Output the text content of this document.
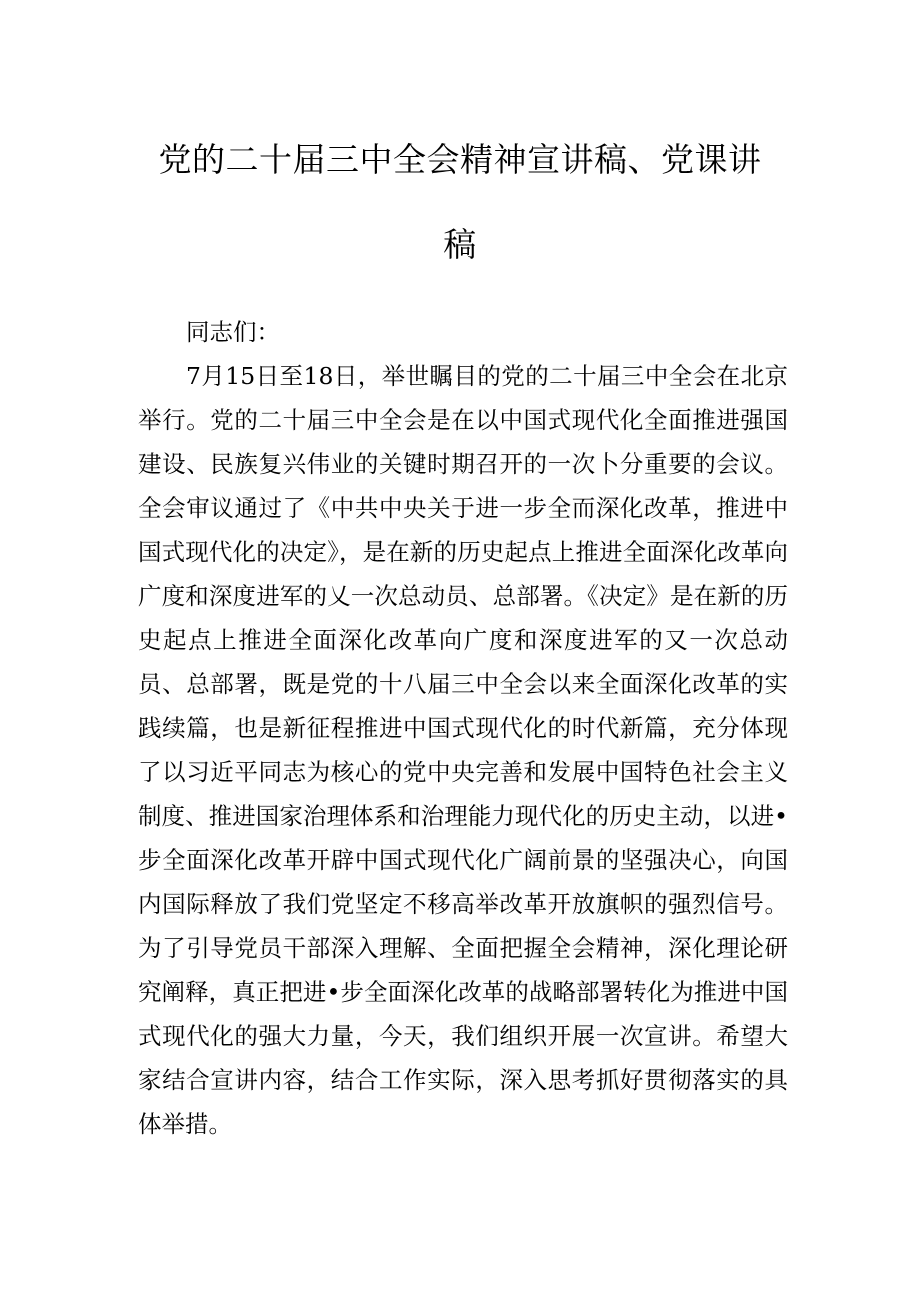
党的二十届三中全会精神宣讲稿、党课讲
稿
同志们：
7月15日至18日，举世瞩目的党的二十届三中全会在北京举行。党的二十届三中全会是在以中国式现代化全面推进强国建设、民族复兴伟业的关键时期召开的一次卜分重要的会议。全会审议通过了《中共中央关于进一步全而深化改革，推进中国式现代化的决定》，是在新的历史起点上推进全面深化改革向广度和深度进军的乂一次总动员、总部署。《决定》是在新的历史起点上推进全面深化改革向广度和深度进军的又一次总动员、总部署，既是党的十八届三中全会以来全面深化改革的实践续篇，也是新征程推进中国式现代化的时代新篇，充分体现了以习近平同志为核心的党中央完善和发展中国特色社会主义制度、推进国家治理体系和治理能力现代化的历史主动，以进•步全面深化改革开辟中国式现代化广阔前景的坚强决心，向国内国际释放了我们党坚定不移高举改革开放旗帜的强烈信号。为了引导党员干部深入理解、全面把握全会精神，深化理论研究阐释，真正把进•步全面深化改革的战略部署转化为推进中国式现代化的强大力量，今天，我们组织开展一次宣讲。希望大家结合宣讲内容，结合工作实际，深入思考抓好贯彻落实的具体举措。
